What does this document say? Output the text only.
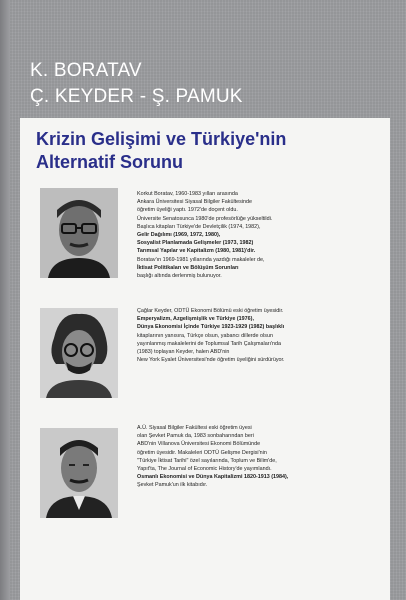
K. BORATAV
Ç. KEYDER - Ş. PAMUK
Krizin Gelişimi ve Türkiye'nin
Alternatif Sorunu

Korkut Boratav, 1960-1983 yılları arasında

Ankara Üniversitesi Siyasal Bilgiler Fakültesinde

öğretim üyeliği yaptı. 1972'de doçent oldu.

Üniversite Senatosunca 1980'de profesörlüğe yükseltildi.

Başlıca kitapları Türkiye'de Devletçilik (1974, 1982),

Gelir Dağılımı (1969, 1972, 1980),

Sosyalist Planlamada Gelişmeler (1973, 1982)

Tarımsal Yapılar ve Kapitalizm (1980, 1981)'dir.

Boratav'ın 1969-1981 yıllarında yazdığı makaleler de,

İktisat Politikaları ve Bölüşüm Sorunları

başlığı altında derlenmiş bulunuyor.

Çağlar Keyder, ODTÜ Ekonomi Bölümü eski öğretim üyesidir.

Emperyalizm, Azgelişmişlik ve Türkiye (1976),

Dünya Ekonomisi İçinde Türkiye 1923-1929 (1982) başlıklı

kitaplarının yanısıra, Türkçe olsun, yabancı dillerde olsun

yayınlanmış makalelerini de Toplumsal Tarih Çalışmaları'nda

(1983) toplayan Keyder, halen ABD'nin

New York Eyalet Üniversitesi'nde öğretim üyeliğini sürdürüyor.

A.Ü. Siyasal Bilgiler Fakültesi eski öğretim üyesi

olan Şevket Pamuk da, 1983 sonbaharından beri

ABD'nin Villanova Üniversitesi Ekonomi Bölümünde

öğretim üyesidir. Makaleleri ODTÜ Gelişme Dergisi'nin

"Türkiye İktisat Tarihi" özel sayılarında, Toplum ve Bilim'de,

Yapıt'ta, The Journal of Economic History'de yayımlandı.

Osmanlı Ekonomisi ve Dünya Kapitalizmi 1820-1913 (1984),

Şevket Pamuk'un ilk kitabıdır.
